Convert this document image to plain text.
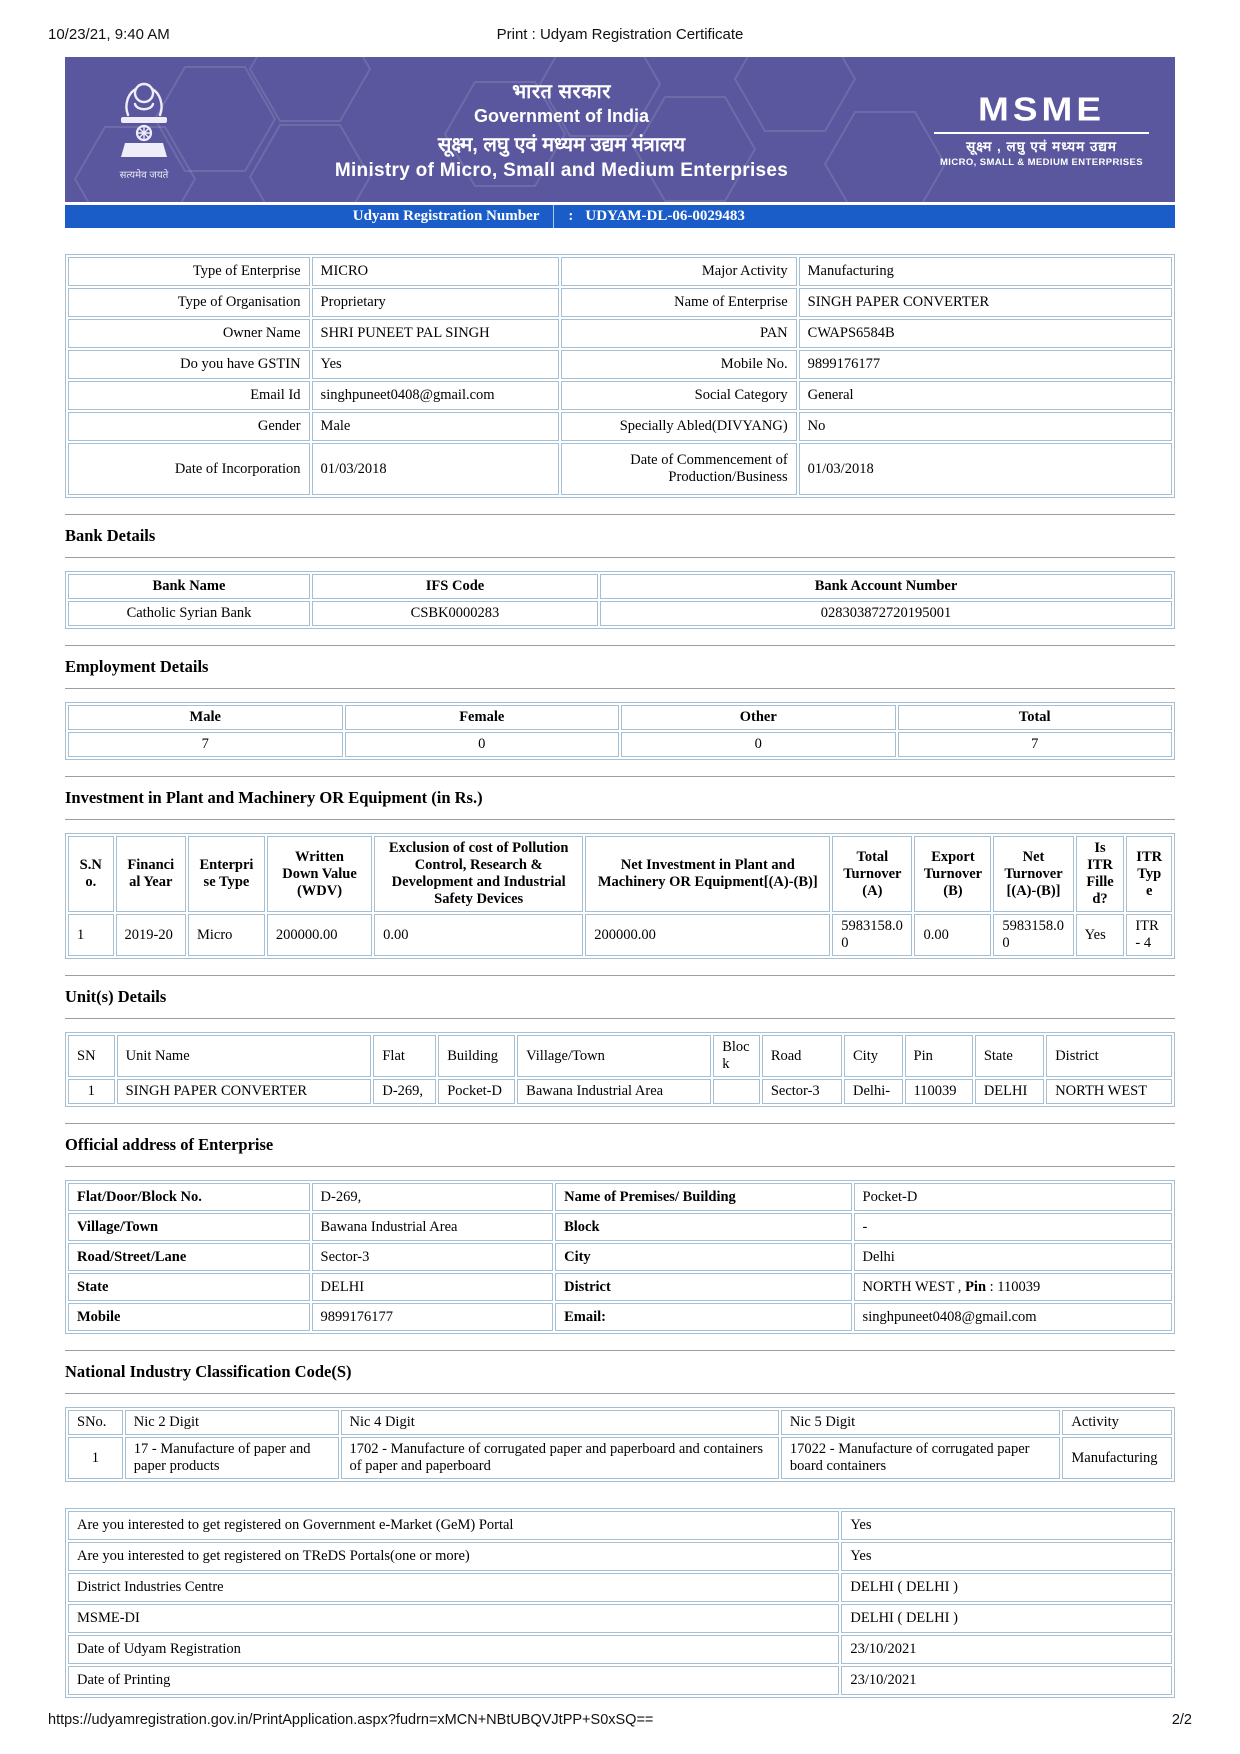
10/23/21, 9:40 AM	Print : Udyam Registration Certificate
सत्यमेव जयते
भारत सरकार
Government of India
सूक्ष्म, लघु एवं मध्यम उद्यम मंत्रालय
Ministry of Micro, Small and Medium Enterprises
MSME
सूक्ष्म , लघु एवं मध्यम उद्यम
MICRO, SMALL & MEDIUM ENTERPRISES
Udyam Registration Number	: UDYAM-DL-06-0029483
Type of Enterprise	MICRO	Major Activity	Manufacturing
Type of Organisation	Proprietary	Name of Enterprise	SINGH PAPER CONVERTER
Owner Name	SHRI PUNEET PAL SINGH	PAN	CWAPS6584B
Do you have GSTIN	Yes	Mobile No.	9899176177
Email Id	singhpuneet0408@gmail.com	Social Category	General
Gender	Male	Specially Abled(DIVYANG)	No
Date of Incorporation	01/03/2018	Date of Commencement of Production/Business	01/03/2018
Bank Details
Bank Name	IFS Code	Bank Account Number
Catholic Syrian Bank	CSBK0000283	028303872720195001
Employment Details
Male	Female	Other	Total
7	0	0	7
Investment in Plant and Machinery OR Equipment (in Rs.)
S.No.	Financial Year	Enterprise Type	Written Down Value (WDV)	Exclusion of cost of Pollution Control, Research & Development and Industrial Safety Devices	Net Investment in Plant and Machinery OR Equipment[(A)-(B)]	Total Turnover (A)	Export Turnover (B)	Net Turnover [(A)-(B)]	Is ITR Filled?	ITR Type
1	2019-20	Micro	200000.00	0.00	200000.00	5983158.00	0.00	5983158.00	Yes	ITR - 4
Unit(s) Details
SN	Unit Name	Flat	Building	Village/Town	Block	Road	City	Pin	State	District
1	SINGH PAPER CONVERTER	D-269,	Pocket-D	Bawana Industrial Area		Sector-3	Delhi-	110039	DELHI	NORTH WEST
Official address of Enterprise
Flat/Door/Block No.	D-269,	Name of Premises/ Building	Pocket-D
Village/Town	Bawana Industrial Area	Block	-
Road/Street/Lane	Sector-3	City	Delhi
State	DELHI	District	NORTH WEST , Pin : 110039
Mobile	9899176177	Email:	singhpuneet0408@gmail.com
National Industry Classification Code(S)
SNo.	Nic 2 Digit	Nic 4 Digit	Nic 5 Digit	Activity
1	17 - Manufacture of paper and paper products	1702 - Manufacture of corrugated paper and paperboard and containers of paper and paperboard	17022 - Manufacture of corrugated paper board containers	Manufacturing
Are you interested to get registered on Government e-Market (GeM) Portal	Yes
Are you interested to get registered on TReDS Portals(one or more)	Yes
District Industries Centre	DELHI ( DELHI )
MSME-DI	DELHI ( DELHI )
Date of Udyam Registration	23/10/2021
Date of Printing	23/10/2021
https://udyamregistration.gov.in/PrintApplication.aspx?fudrn=xMCN+NBtUBQVJtPP+S0xSQ==	2/2
